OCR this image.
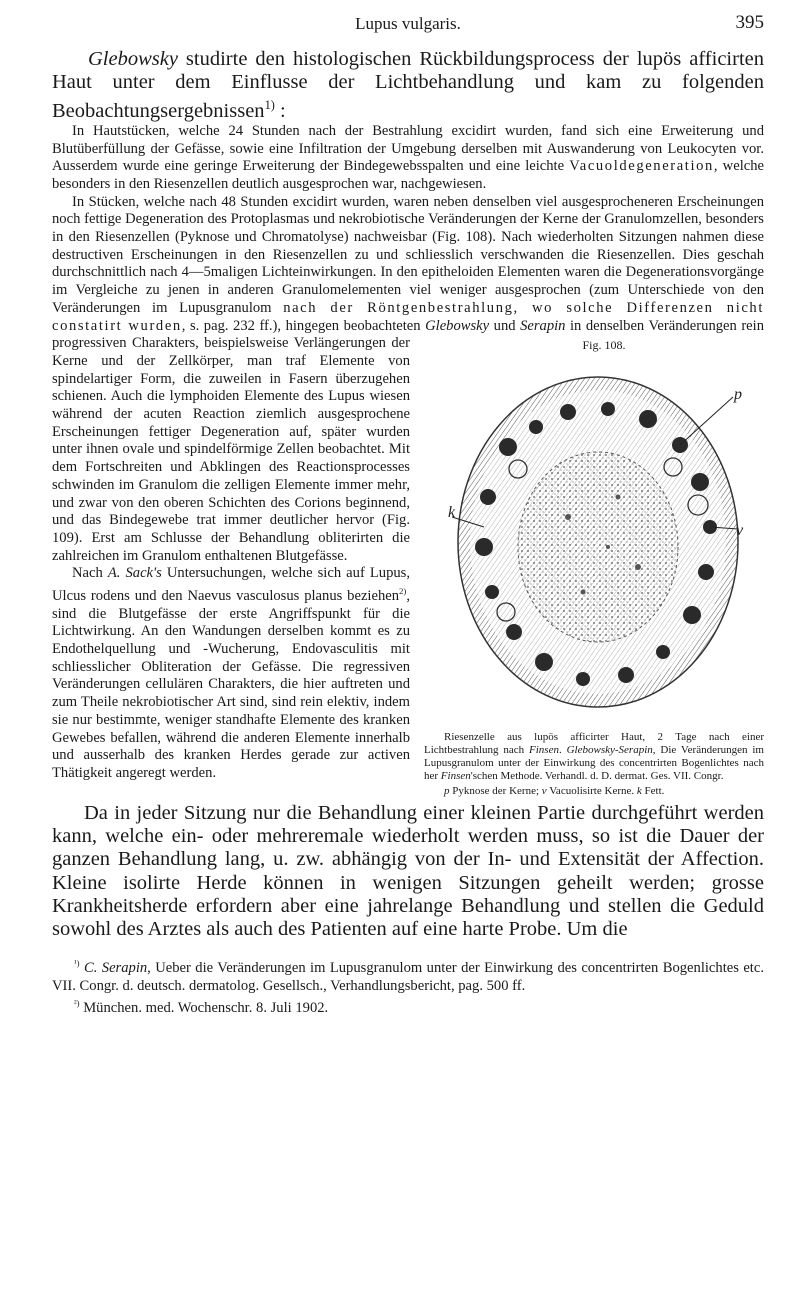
Lupus vulgaris.	395

Glebowsky studirte den histologischen Rückbildungsprocess der lupös afficirten Haut unter dem Einflusse der Lichtbehandlung und kam zu folgenden Beobachtungsergebnissen$^{1)}$ :

In Hautstücken, welche 24 Stunden nach der Bestrahlung excidirt wurden, fand sich eine Erweiterung und Blutüberfüllung der Gefässe, sowie eine Infiltration der Umgebung derselben mit Auswanderung von Leukocyten vor. Ausserdem wurde eine geringe Erweiterung der Bindegewebsspalten und eine leichte Vacuoldegeneration, welche besonders in den Riesenzellen deutlich ausgesprochen war, nachgewiesen.

In Stücken, welche nach 48 Stunden excidirt wurden, waren neben denselben viel ausgesprocheneren Erscheinungen noch fettige Degeneration des Protoplasmas und nekrobiotische Veränderungen der Kerne der Granulomzellen, besonders in den Riesenzellen (Pyknose und Chromatolyse) nachweisbar (Fig. 108). Nach wiederholten Sitzungen nahmen diese destructiven Erscheinungen in den Riesenzellen zu und schliesslich verschwanden die Riesenzellen. Dies geschah durchschnittlich nach 4—5maligen Lichteinwirkungen. In den epitheloiden Elementen waren die Degenerationsvorgänge im Vergleiche zu jenen in anderen Granulomelementen viel weniger ausgesprochen (zum Unterschiede von den Veränderungen im Lupusgranulom nach der Röntgenbestrahlung, wo solche Differenzen nicht constatirt wurden, s. pag. 232 ff.), hingegen beobachteten Glebowsky und Serapin
Fig. 108.
p
v
k
Riesenzelle aus lupös afficirter Haut, 2 Tage nach einer Lichtbestrahlung nach Finsen. Glebowsky-Serapin, Die Veränderungen im Lupusgranulom unter der Einwirkung des concentrirten Bogenlichtes nach her Finsen'schen Methode. Verhandl. d. D. dermat. Ges. VII. Congr.
p Pyknose der Kerne; v Vacuolisirte Kerne. k Fett.
in denselben Veränderungen rein progressiven Charakters, beispielsweise Verlängerungen der Kerne und der Zellkörper, man traf Elemente von spindelartiger Form, die zuweilen in Fasern überzugehen schienen. Auch die lymphoiden Elemente des Lupus wiesen während der acuten Reaction ziemlich ausgesprochene Erscheinungen fettiger Degeneration auf, später wurden unter ihnen ovale und spindelförmige Zellen beobachtet. Mit dem Fortschreiten und Abklingen des Reactionsprocesses schwinden im Granulom die zelligen Elemente immer mehr, und zwar von den oberen Schichten des Corions beginnend, und das Bindegewebe trat immer deutlicher hervor (Fig. 109). Erst am Schlusse der Behandlung obliterirten die zahlreichen im Granulom enthaltenen Blutgefässe.

Nach A. Sack's Untersuchungen, welche sich auf Lupus, Ulcus rodens und den Naevus vasculosus planus beziehen$^{2)}$, sind die Blutgefässe der erste Angriffspunkt für die Lichtwirkung. An den Wandungen derselben kommt es zu Endothelquellung und -Wucherung, Endovasculitis mit schliesslicher Obliteration der Gefässe. Die regressiven Veränderungen cellulären Charakters, die hier auftreten und zum Theile nekrobiotischer Art sind, sind rein elektiv, indem sie nur bestimmte, weniger standhafte Elemente des kranken Gewebes befallen, während die anderen Elemente innerhalb und ausserhalb des kranken Herdes gerade zur activen Thätigkeit angeregt werden.

Da in jeder Sitzung nur die Behandlung einer kleinen Partie durchgeführt werden kann, welche ein- oder mehreremale wiederholt werden muss, so ist die Dauer der ganzen Behandlung lang, u. zw. abhängig von der In- und Extensität der Affection. Kleine isolirte Herde können in wenigen Sitzungen geheilt werden; grosse Krankheitsherde erfordern aber eine jahrelange Behandlung und stellen die Geduld sowohl des Arztes als auch des Patienten auf eine harte Probe. Um die

$^{^1)}$ C. Serapin, Ueber die Veränderungen im Lupusgranulom unter der Einwirkung des concentrirten Bogenlichtes etc. VII. Congr. d. deutsch. dermatolog. Gesellsch., Verhandlungsbericht, pag. 500 ff.

$^{^2)}$ München. med. Wochenschr. 8. Juli 1902.
